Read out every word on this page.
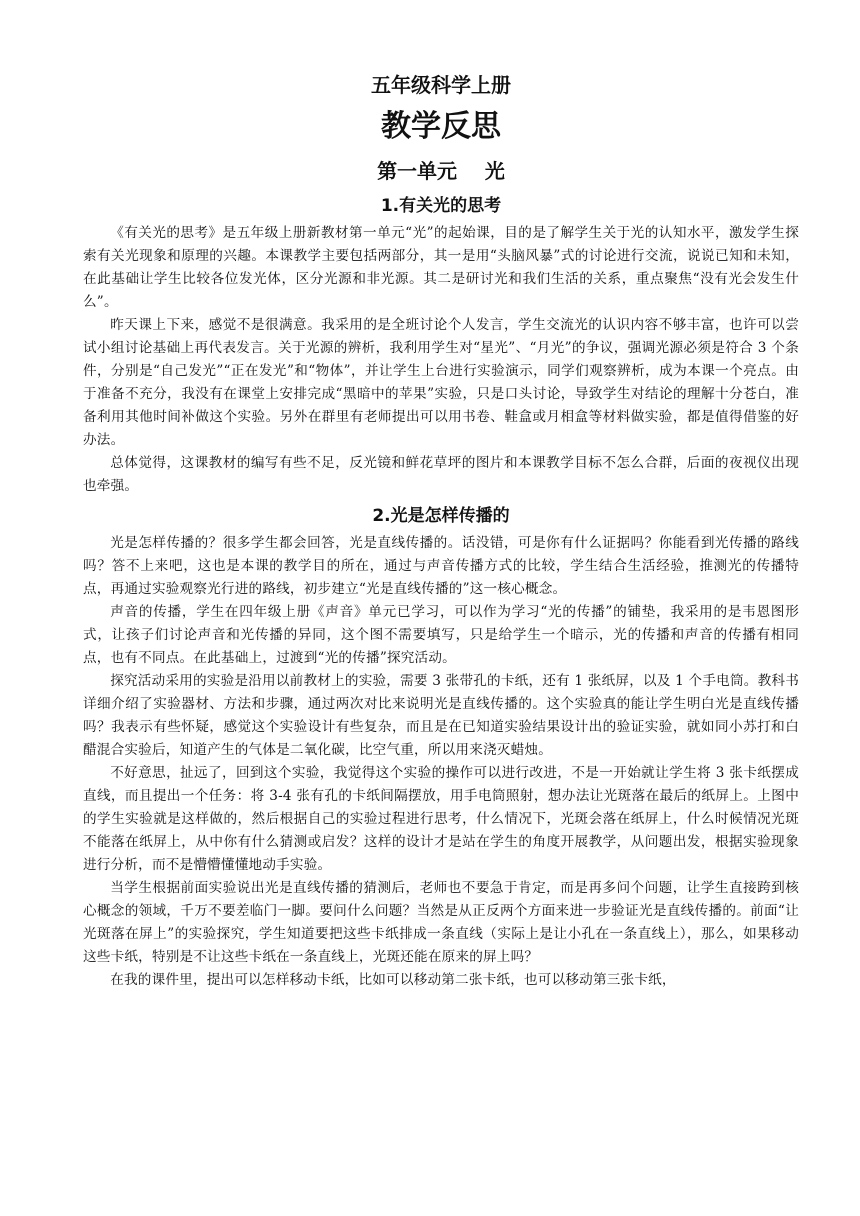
五年级科学上册
教学反思
第一单元    光
1.有关光的思考

《有关光的思考》是五年级上册新教材第一单元“光”的起始课，目的是了解学生关于光的认知水平，激发学生探索有关光现象和原理的兴趣。本课教学主要包括两部分，其一是用“头脑风暴”式的讨论进行交流，说说已知和未知，在此基础让学生比较各位发光体，区分光源和非光源。其二是研讨光和我们生活的关系，重点聚焦“没有光会发生什么”。

昨天课上下来，感觉不是很满意。我采用的是全班讨论个人发言，学生交流光的认识内容不够丰富，也许可以尝试小组讨论基础上再代表发言。关于光源的辨析，我利用学生对“星光”、“月光”的争议，强调光源必须是符合 3 个条件，分别是“自己发光”“正在发光”和“物体”，并让学生上台进行实验演示，同学们观察辨析，成为本课一个亮点。由于准备不充分，我没有在课堂上安排完成“黑暗中的苹果”实验，只是口头讨论，导致学生对结论的理解十分苍白，准备利用其他时间补做这个实验。另外在群里有老师提出可以用书卷、鞋盒或月相盒等材料做实验，都是值得借鉴的好办法。

总体觉得，这课教材的编写有些不足，反光镜和鲜花草坪的图片和本课教学目标不怎么合群，后面的夜视仪出现也牵强。

2.光是怎样传播的

光是怎样传播的？很多学生都会回答，光是直线传播的。话没错，可是你有什么证据吗？你能看到光传播的路线吗？答不上来吧，这也是本课的教学目的所在，通过与声音传播方式的比较，学生结合生活经验，推测光的传播特点，再通过实验观察光行进的路线，初步建立“光是直线传播的”这一核心概念。

声音的传播，学生在四年级上册《声音》单元已学习，可以作为学习“光的传播”的铺垫，我采用的是韦恩图形式，让孩子们讨论声音和光传播的异同，这个图不需要填写，只是给学生一个暗示，光的传播和声音的传播有相同点，也有不同点。在此基础上，过渡到“光的传播”探究活动。

探究活动采用的实验是沿用以前教材上的实验，需要 3 张带孔的卡纸，还有 1 张纸屏，以及 1 个手电筒。教科书详细介绍了实验器材、方法和步骤，通过两次对比来说明光是直线传播的。这个实验真的能让学生明白光是直线传播吗？我表示有些怀疑，感觉这个实验设计有些复杂，而且是在已知道实验结果设计出的验证实验，就如同小苏打和白醋混合实验后，知道产生的气体是二氧化碳，比空气重，所以用来浇灭蜡烛。

不好意思，扯远了，回到这个实验，我觉得这个实验的操作可以进行改进，不是一开始就让学生将 3 张卡纸摆成直线，而且提出一个任务：将 3-4 张有孔的卡纸间隔摆放，用手电筒照射，想办法让光斑落在最后的纸屏上。上图中的学生实验就是这样做的，然后根据自己的实验过程进行思考，什么情况下，光斑会落在纸屏上，什么时候情况光斑不能落在纸屏上，从中你有什么猜测或启发？这样的设计才是站在学生的角度开展教学，从问题出发，根据实验现象进行分析，而不是懵懵懂懂地动手实验。

当学生根据前面实验说出光是直线传播的猜测后，老师也不要急于肯定，而是再多问个问题，让学生直接跨到核心概念的领域，千万不要差临门一脚。要问什么问题？当然是从正反两个方面来进一步验证光是直线传播的。前面“让光斑落在屏上”的实验探究，学生知道要把这些卡纸排成一条直线（实际上是让小孔在一条直线上），那么，如果移动这些卡纸，特别是不让这些卡纸在一条直线上，光斑还能在原来的屏上吗？

在我的课件里，提出可以怎样移动卡纸，比如可以移动第二张卡纸，也可以移动第三张卡纸，
